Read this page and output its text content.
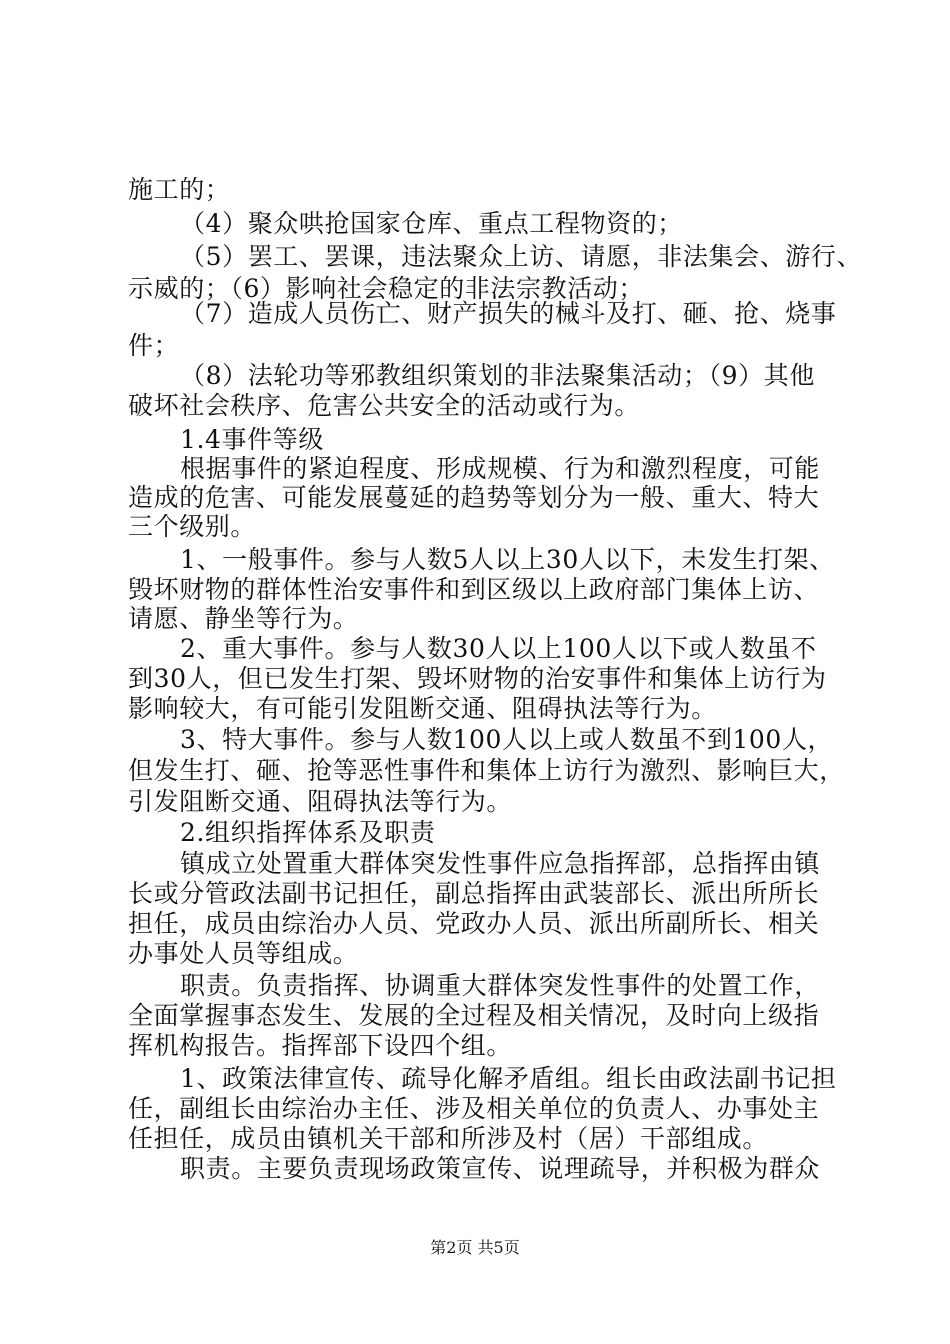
施工的；
（4）聚众哄抢国家仓库、重点工程物资的；
（5）罢工、罢课，违法聚众上访、请愿，非法集会、游行、
示威的；（6）影响社会稳定的非法宗教活动；
（7）造成人员伤亡、财产损失的械斗及打、砸、抢、烧事
件；
（8）法轮功等邪教组织策划的非法聚集活动；（9）其他
破坏社会秩序、危害公共安全的活动或行为。
1.4事件等级
根据事件的紧迫程度、形成规模、行为和激烈程度，可能
造成的危害、可能发展蔓延的趋势等划分为一般、重大、特大
三个级别。
1、一般事件。参与人数5人以上30人以下，未发生打架、
毁坏财物的群体性治安事件和到区级以上政府部门集体上访、
请愿、静坐等行为。
2、重大事件。参与人数30人以上100人以下或人数虽不
到30人，但已发生打架、毁坏财物的治安事件和集体上访行为
影响较大，有可能引发阻断交通、阻碍执法等行为。
3、特大事件。参与人数100人以上或人数虽不到100人，
但发生打、砸、抢等恶性事件和集体上访行为激烈、影响巨大，
引发阻断交通、阻碍执法等行为。
2.组织指挥体系及职责
镇成立处置重大群体突发性事件应急指挥部，总指挥由镇
长或分管政法副书记担任，副总指挥由武装部长、派出所所长
担任，成员由综治办人员、党政办人员、派出所副所长、相关
办事处人员等组成。
职责。负责指挥、协调重大群体突发性事件的处置工作，
全面掌握事态发生、发展的全过程及相关情况，及时向上级指
挥机构报告。指挥部下设四个组。
1、政策法律宣传、疏导化解矛盾组。组长由政法副书记担
任，副组长由综治办主任、涉及相关单位的负责人、办事处主
任担任，成员由镇机关干部和所涉及村（居）干部组成。
职责。主要负责现场政策宣传、说理疏导，并积极为群众
第2页 共5页
